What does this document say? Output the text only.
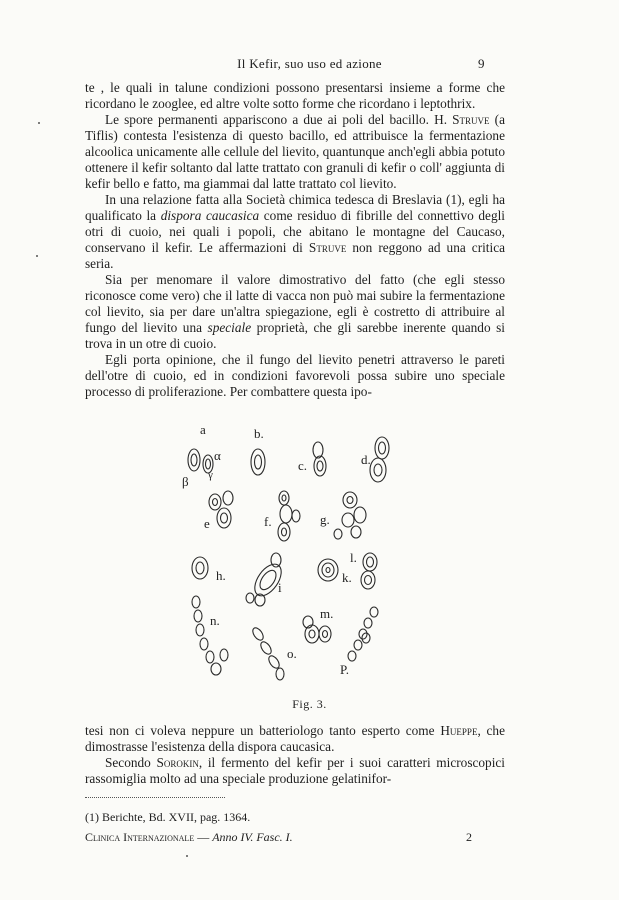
Il Kefir, suo uso ed azione	9

te , le quali in talune condizioni possono presentarsi insieme a forme che ricordano le zooglee, ed altre volte sotto forme che ricordano i leptothrix.

Le spore permanenti appariscono a due ai poli del bacillo. H. Struve (a Tiflis) contesta l'esistenza di questo bacillo, ed attribuisce la fermentazione alcoolica unicamente alle cellule del lievito, quantunque anch'egli abbia potuto ottenere il kefir soltanto dal latte trattato con granuli di kefir o coll' aggiunta di kefir bello e fatto, ma giammai dal latte trattato col lievito.

In una relazione fatta alla Società chimica tedesca di Breslavia (1), egli ha qualificato la dispora caucasica come residuo di fibrille del connettivo degli otri di cuoio, nei quali i popoli, che abitano le montagne del Caucaso, conservano il kefir. Le affermazioni di Struve non reggono ad una critica seria.

Sia per menomare il valore dimostrativo del fatto (che egli stesso riconosce come vero) che il latte di vacca non può mai subire la fermentazione col lievito, sia per dare un'altra spiegazione, egli è costretto di attribuire al fungo del lievito una speciale proprietà, che gli sarebbe inerente quando si trova in un otre di cuoio.

Egli porta opinione, che il fungo del lievito penetri attraverso le pareti dell'otre di cuoio, ed in condizioni favorevoli possa subire uno speciale processo di proliferazione. Per combattere questa ipo-

a
α
γ
β
b.
c.	d.
e	f.	g.
h.
i
k.
l.
n.	m.
o.
P.
Fig. 3.

tesi non ci voleva neppure un batteriologo tanto esperto come Hueppe, che dimostrasse l'esistenza della dispora caucasica.

Secondo Sorokin, il fermento del kefir per i suoi caratteri microscopici rassomiglia molto ad una speciale produzione gelatinifor-

(1) Berichte, Bd. XVII, pag. 1364.
Clinica Internazionale — Anno IV. Fasc. I.	2
